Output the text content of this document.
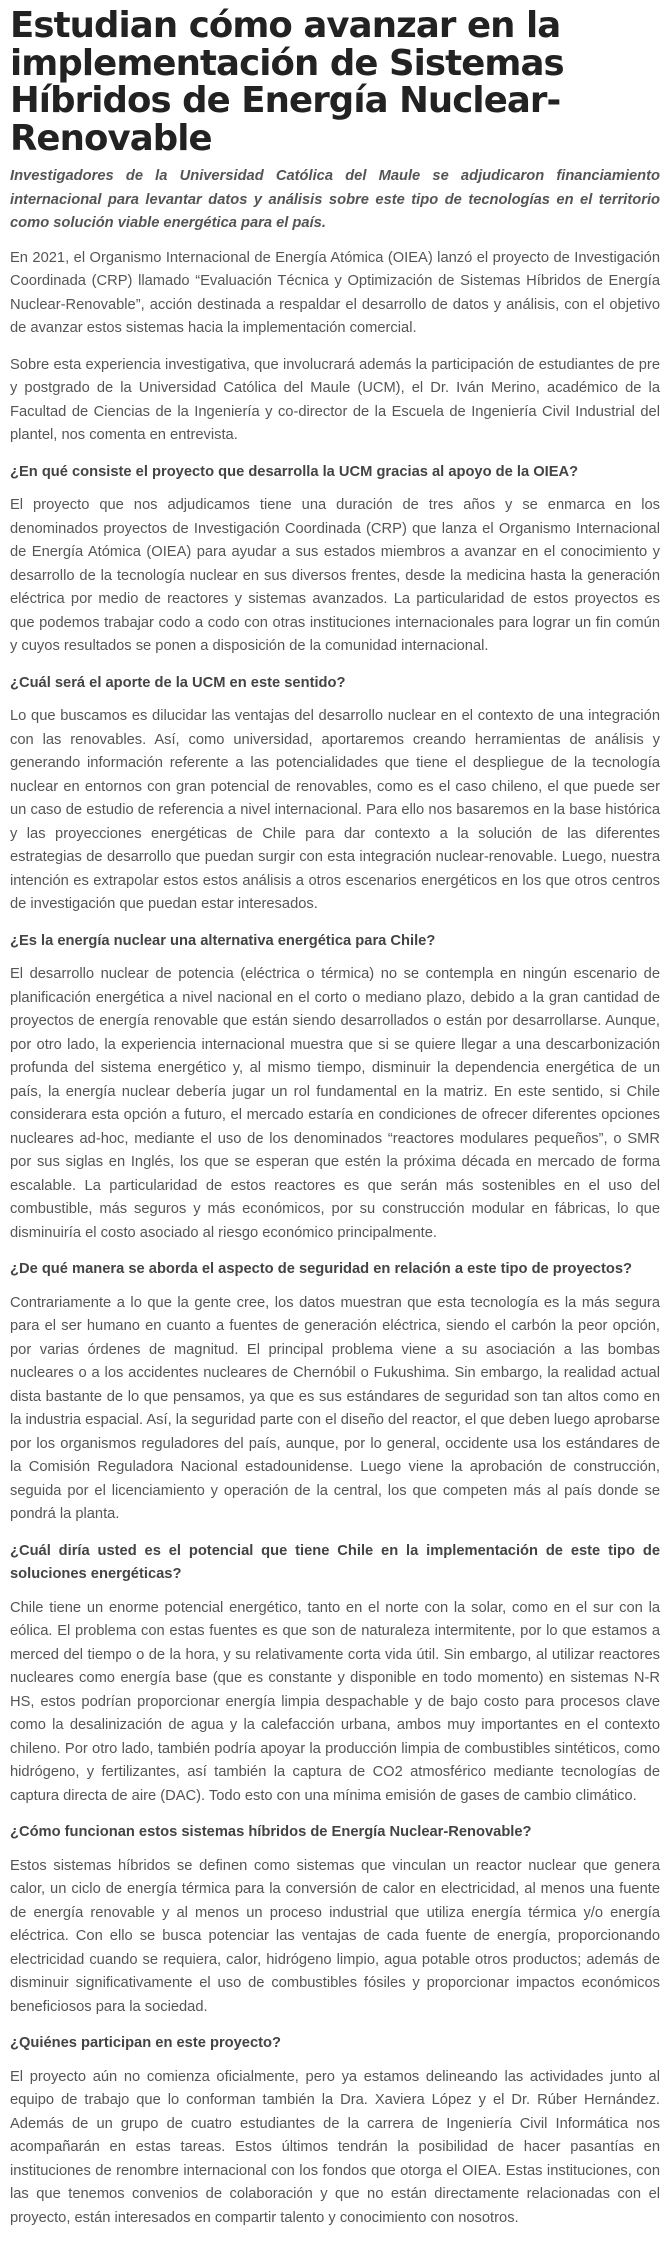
Estudian cómo avanzar en la implementación de Sistemas Híbridos de Energía Nuclear-Renovable

Investigadores de la Universidad Católica del Maule se adjudicaron financiamiento internacional para levantar datos y análisis sobre este tipo de tecnologías en el territorio como solución viable energética para el país.

En 2021, el Organismo Internacional de Energía Atómica (OIEA) lanzó el proyecto de Investigación Coordinada (CRP) llamado “Evaluación Técnica y Optimización de Sistemas Híbridos de Energía Nuclear-Renovable”, acción destinada a respaldar el desarrollo de datos y análisis, con el objetivo de avanzar estos sistemas hacia la implementación comercial.

Sobre esta experiencia investigativa, que involucrará además la participación de estudiantes de pre y postgrado de la Universidad Católica del Maule (UCM), el Dr. Iván Merino, académico de la Facultad de Ciencias de la Ingeniería y co-director de la Escuela de Ingeniería Civil Industrial del plantel, nos comenta en entrevista.

¿En qué consiste el proyecto que desarrolla la UCM gracias al apoyo de la OIEA?

El proyecto que nos adjudicamos tiene una duración de tres años y se enmarca en los denominados proyectos de Investigación Coordinada (CRP) que lanza el Organismo Internacional de Energía Atómica (OIEA) para ayudar a sus estados miembros a avanzar en el conocimiento y desarrollo de la tecnología nuclear en sus diversos frentes, desde la medicina hasta la generación eléctrica por medio de reactores y sistemas avanzados. La particularidad de estos proyectos es que podemos trabajar codo a codo con otras instituciones internacionales para lograr un fin común y cuyos resultados se ponen a disposición de la comunidad internacional.

¿Cuál será el aporte de la UCM en este sentido?

Lo que buscamos es dilucidar las ventajas del desarrollo nuclear en el contexto de una integración con las renovables. Así, como universidad, aportaremos creando herramientas de análisis y generando información referente a las potencialidades que tiene el despliegue de la tecnología nuclear en entornos con gran potencial de renovables, como es el caso chileno, el que puede ser un caso de estudio de referencia a nivel internacional. Para ello nos basaremos en la base histórica y las proyecciones energéticas de Chile para dar contexto a la solución de las diferentes estrategias de desarrollo que puedan surgir con esta integración nuclear-renovable. Luego, nuestra intención es extrapolar estos estos análisis a otros escenarios energéticos en los que otros centros de investigación que puedan estar interesados.

¿Es la energía nuclear una alternativa energética para Chile?

El desarrollo nuclear de potencia (eléctrica o térmica) no se contempla en ningún escenario de planificación energética a nivel nacional en el corto o mediano plazo, debido a la gran cantidad de proyectos de energía renovable que están siendo desarrollados o están por desarrollarse. Aunque, por otro lado, la experiencia internacional muestra que si se quiere llegar a una descarbonización profunda del sistema energético y, al mismo tiempo, disminuir la dependencia energética de un país, la energía nuclear debería jugar un rol fundamental en la matriz. En este sentido, si Chile considerara esta opción a futuro, el mercado estaría en condiciones de ofrecer diferentes opciones nucleares ad-hoc, mediante el uso de los denominados “reactores modulares pequeños”, o SMR por sus siglas en Inglés, los que se esperan que estén la próxima década en mercado de forma escalable. La particularidad de estos reactores es que serán más sostenibles en el uso del combustible, más seguros y más económicos, por su construcción modular en fábricas, lo que disminuiría el costo asociado al riesgo económico principalmente.

¿De qué manera se aborda el aspecto de seguridad en relación a este tipo de proyectos?

Contrariamente a lo que la gente cree, los datos muestran que esta tecnología es la más segura para el ser humano en cuanto a fuentes de generación eléctrica, siendo el carbón la peor opción, por varias órdenes de magnitud. El principal problema viene a su asociación a las bombas nucleares o a los accidentes nucleares de Chernóbil o Fukushima. Sin embargo, la realidad actual dista bastante de lo que pensamos, ya que es sus estándares de seguridad son tan altos como en la industria espacial. Así, la seguridad parte con el diseño del reactor, el que deben luego aprobarse por los organismos reguladores del país, aunque, por lo general, occidente usa los estándares de la Comisión Reguladora Nacional estadounidense. Luego viene la aprobación de construcción, seguida por el licenciamiento y operación de la central, los que competen más al país donde se pondrá la planta.

¿Cuál diría usted es el potencial que tiene Chile en la implementación de este tipo de soluciones energéticas?

Chile tiene un enorme potencial energético, tanto en el norte con la solar, como en el sur con la eólica. El problema con estas fuentes es que son de naturaleza intermitente, por lo que estamos a merced del tiempo o de la hora, y su relativamente corta vida útil. Sin embargo, al utilizar reactores nucleares como energía base (que es constante y disponible en todo momento) en sistemas N-R HS, estos podrían proporcionar energía limpia despachable y de bajo costo para procesos clave como la desalinización de agua y la calefacción urbana, ambos muy importantes en el contexto chileno. Por otro lado, también podría apoyar la producción limpia de combustibles sintéticos, como hidrógeno, y fertilizantes, así también la captura de CO2 atmosférico mediante tecnologías de captura directa de aire (DAC). Todo esto con una mínima emisión de gases de cambio climático.

¿Cómo funcionan estos sistemas híbridos de Energía Nuclear-Renovable?

Estos sistemas híbridos se definen como sistemas que vinculan un reactor nuclear que genera calor, un ciclo de energía térmica para la conversión de calor en electricidad, al menos una fuente de energía renovable y al menos un proceso industrial que utiliza energía térmica y/o energía eléctrica. Con ello se busca potenciar las ventajas de cada fuente de energía, proporcionando electricidad cuando se requiera, calor, hidrógeno limpio, agua potable otros productos; además de disminuir significativamente el uso de combustibles fósiles y proporcionar impactos económicos beneficiosos para la sociedad.

¿Quiénes participan en este proyecto?

El proyecto aún no comienza oficialmente, pero ya estamos delineando las actividades junto al equipo de trabajo que lo conforman también la Dra. Xaviera López y el Dr. Rúber Hernández. Además de un grupo de cuatro estudiantes de la carrera de Ingeniería Civil Informática nos acompañarán en estas tareas. Estos últimos tendrán la posibilidad de hacer pasantías en instituciones de renombre internacional con los fondos que otorga el OIEA. Estas instituciones, con las que tenemos convenios de colaboración y que no están directamente relacionadas con el proyecto, están interesados en compartir talento y conocimiento con nosotros.
